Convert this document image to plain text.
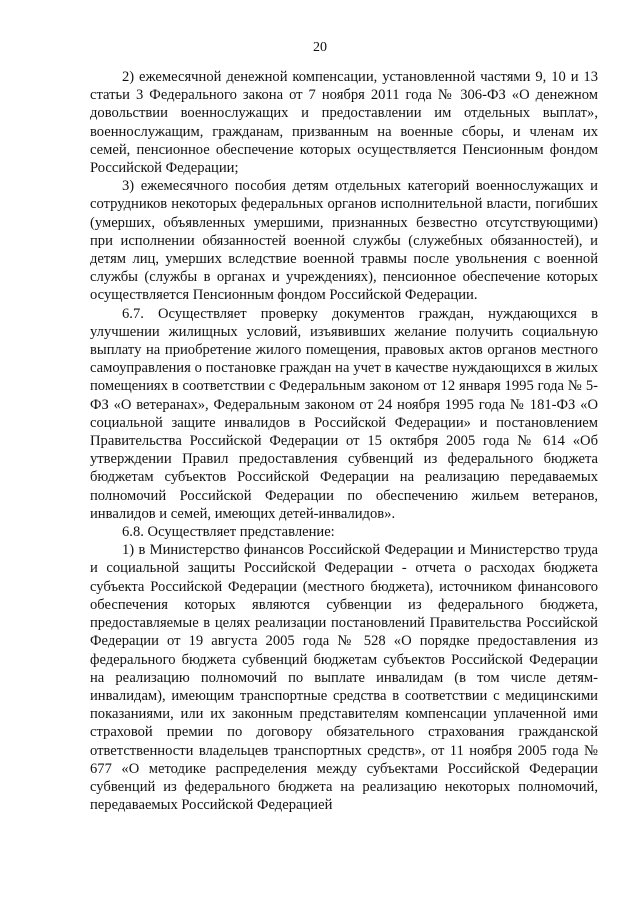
20

2) ежемесячной денежной компенсации, установленной частями 9, 10 и 13 статьи 3 Федерального закона от 7 ноября 2011 года № 306-ФЗ «О денежном довольствии военнослужащих и предоставлении им отдельных выплат», военнослужащим, гражданам, призванным на военные сборы, и членам их семей, пенсионное обеспечение которых осуществляется Пенсионным фондом Российской Федерации;

3) ежемесячного пособия детям отдельных категорий военнослужащих и сотрудников некоторых федеральных органов исполнительной власти, погибших (умерших, объявленных умершими, признанных безвестно отсутствующими) при исполнении обязанностей военной службы (служебных обязанностей), и детям лиц, умерших вследствие военной травмы после увольнения с военной службы (службы в органах и учреждениях), пенсионное обеспечение которых осуществляется Пенсионным фондом Российской Федерации.

6.7. Осуществляет проверку документов граждан, нуждающихся в улучшении жилищных условий, изъявивших желание получить социальную выплату на приобретение жилого помещения, правовых актов органов местного самоуправления о постановке граждан на учет в качестве нуждающихся в жилых помещениях в соответствии с Федеральным законом от 12 января 1995 года № 5-ФЗ «О ветеранах», Федеральным законом от 24 ноября 1995 года № 181-ФЗ «О социальной защите инвалидов в Российской Федерации» и постановлением Правительства Российской Федерации от 15 октября 2005 года № 614 «Об утверждении Правил предоставления субвенций из федерального бюджета бюджетам субъектов Российской Федерации на реализацию передаваемых полномочий Российской Федерации по обеспечению жильем ветеранов, инвалидов и семей, имеющих детей-инвалидов».

6.8. Осуществляет представление:

1) в Министерство финансов Российской Федерации и Министерство труда и социальной защиты Российской Федерации - отчета о расходах бюджета субъекта Российской Федерации (местного бюджета), источником финансового обеспечения которых являются субвенции из федерального бюджета, предоставляемые в целях реализации постановлений Правительства Российской Федерации от 19 августа 2005 года № 528 «О порядке предоставления из федерального бюджета субвенций бюджетам субъектов Российской Федерации на реализацию полномочий по выплате инвалидам (в том числе детям-инвалидам), имеющим транспортные средства в соответствии с медицинскими показаниями, или их законным представителям компенсации уплаченной ими страховой премии по договору обязательного страхования гражданской ответственности владельцев транспортных средств», от 11 ноября 2005 года № 677 «О методике распределения между субъектами Российской Федерации субвенций из федерального бюджета на реализацию некоторых полномочий, передаваемых Российской Федерацией
